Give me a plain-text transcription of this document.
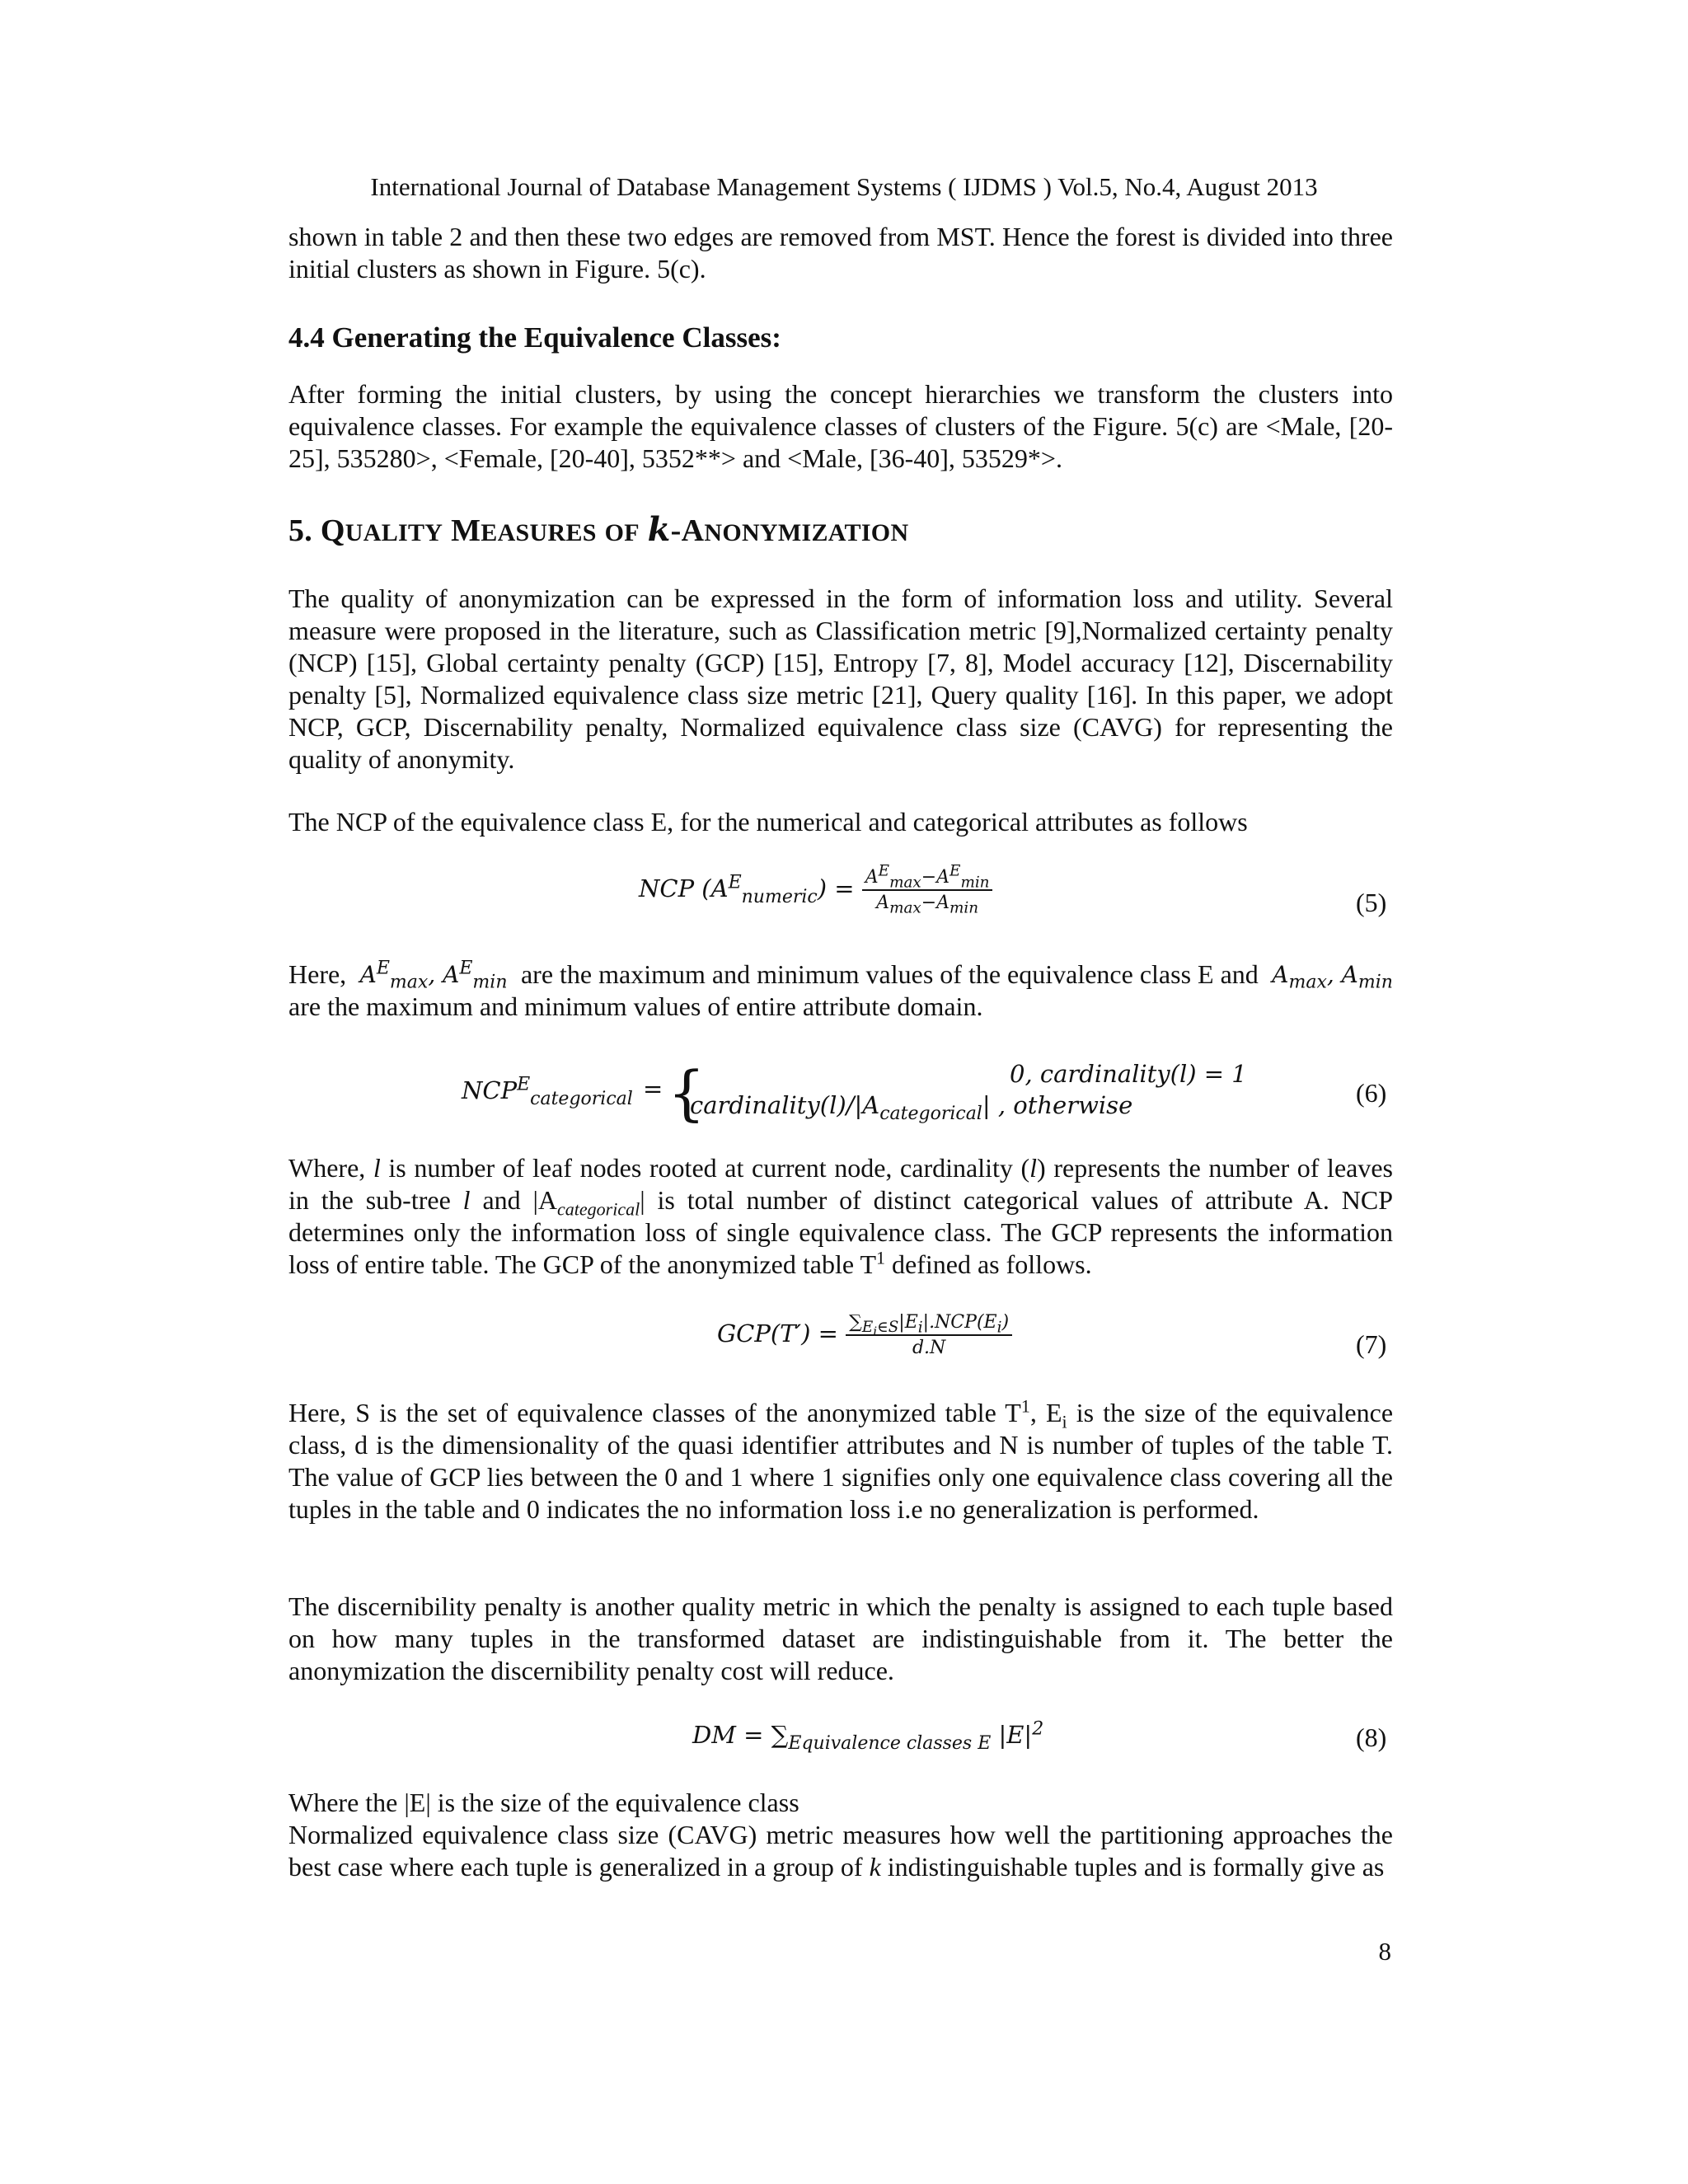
International Journal of Database Management Systems ( IJDMS ) Vol.5, No.4, August 2013

shown in table 2 and then these two edges are removed from MST. Hence the forest is divided into three initial clusters as shown in Figure. 5(c).

4.4 Generating the Equivalence Classes:

After forming the initial clusters, by using the concept hierarchies we transform the clusters into equivalence classes. For example the equivalence classes of clusters of the Figure. 5(c) are <Male, [20-25], 535280>, <Female, [20-40], 5352**> and <Male, [36-40], 53529*>.

5. QUALITY MEASURES OF k-ANONYMIZATION

The quality of anonymization can be expressed in the form of information loss and utility. Several measure were proposed in the literature, such as Classification metric [9],Normalized certainty penalty (NCP) [15], Global certainty penalty (GCP) [15], Entropy [7, 8], Model accuracy [12], Discernability penalty [5], Normalized equivalence class size metric [21], Query quality [16]. In this paper, we adopt NCP, GCP, Discernability penalty, Normalized equivalence class size (CAVG) for representing the quality of anonymity.

The NCP of the equivalence class E, for the numerical and categorical attributes as follows

NCP $(A^E_{numeric}) = \frac{A^E_{max}-A^E_{min}}{A_{max}-A_{min}}$	(5)
Here, $A^E_{max}$, $A^E_{min}$ are the maximum and minimum values of the equivalence class E and $A_{max}$, $A_{min}$
are the maximum and minimum values of entire attribute domain.
$NCP^E_{categorical}$ = {	0, cardinality(l) = 1
$cardinality(l)/|A_{categorical}|$ , otherwise	(6)

Where, l is number of leaf nodes rooted at current node, cardinality (l) represents the number of leaves in the sub-tree l and $|A_{categorical}|$ is total number of distinct categorical values of attribute A. NCP determines only the information loss of single equivalence class. The GCP represents the information loss of entire table. The GCP of the anonymized table $T^1$ defined as follows.

$GCP(T') = \frac{\sum_{E_i\in S}|E_i|.NCP(E_i)}{d.N}$	(7)

Here, S is the set of equivalence classes of the anonymized table $T^1$, $E_i$ is the size of the equivalence class, d is the dimensionality of the quasi identifier attributes and N is number of tuples of the table T. The value of GCP lies between the 0 and 1 where 1 signifies only one equivalence class covering all the tuples in the table and 0 indicates the no information loss i.e no generalization is performed.

The discernibility penalty is another quality metric in which the penalty is assigned to each tuple based on how many tuples in the transformed dataset are indistinguishable from it. The better the anonymization the discernibility penalty cost will reduce.

DM = $\sum_{Equivalence classes E}$ $|E|^2$	(8)

Where the |E| is the size of the equivalence class

Normalized equivalence class size (CAVG) metric measures how well the partitioning approaches the best case where each tuple is generalized in a group of k indistinguishable tuples and is formally give as

8
